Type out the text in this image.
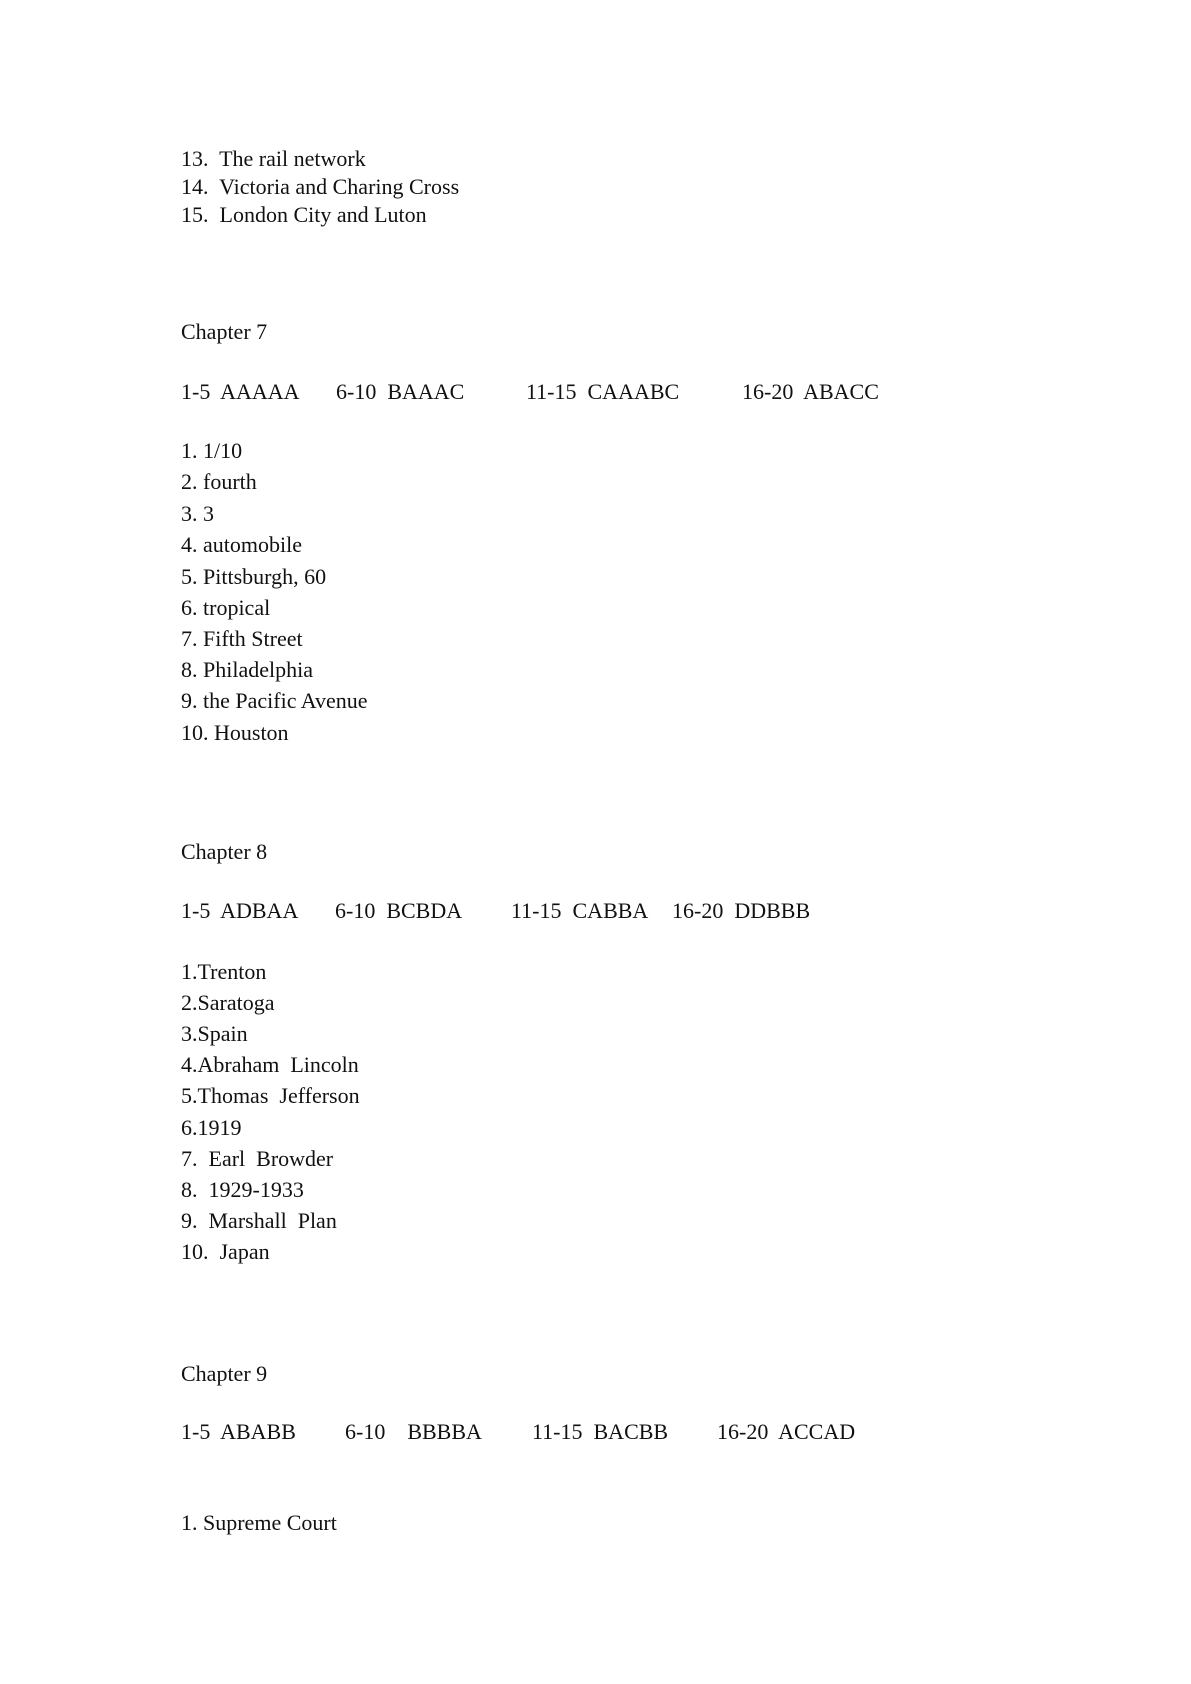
13.  The rail network
14.  Victoria and Charing Cross
15.  London City and Luton
Chapter 7
1-5  AAAAA 6-10  BAAAC	11-15  CAAABC	16-20  ABACC
1. 1/10
2. fourth
3. 3
4. automobile
5. Pittsburgh, 60
6. tropical
7. Fifth Street
8. Philadelphia
9. the Pacific Avenue
10. Houston
Chapter 8
1-5  ADBAA 6-10  BCBDA 11-15  CABBA 16-20  DDBBB
1.Trenton
2.Saratoga
3.Spain
4.Abraham  Lincoln
5.Thomas  Jefferson
6.1919
7.  Earl  Browder
8.  1929-1933
9.  Marshall  Plan
10.  Japan
Chapter 9
1-5  ABABB 6-10    BBBBA 11-15  BACBB 16-20  ACCAD
1. Supreme Court
